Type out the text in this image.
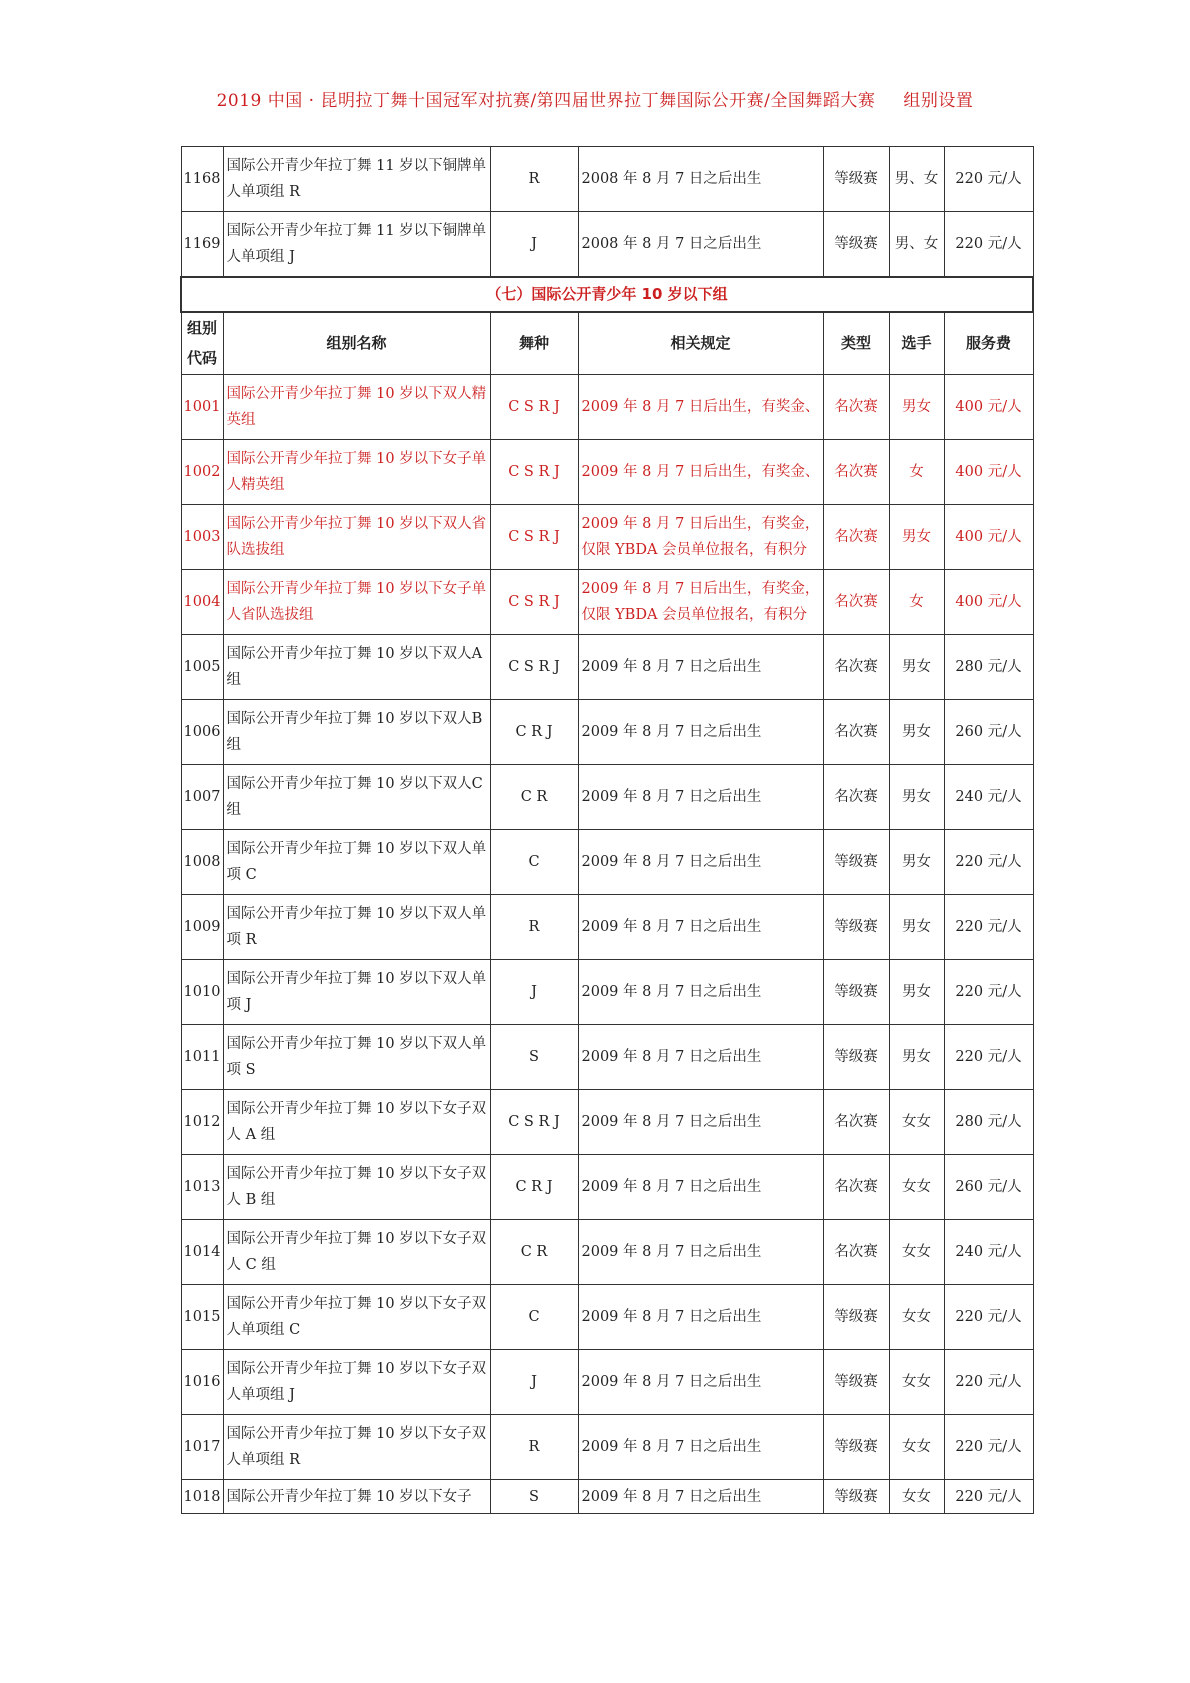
2019 中国 · 昆明拉丁舞十国冠军对抗赛/第四届世界拉丁舞国际公开赛/全国舞蹈大赛 组别设置
1168	国际公开青少年拉丁舞 11 岁以下铜牌单人单项组 R	R	2008 年 8 月 7 日之后出生	等级赛	男、女	220 元/人
1169	国际公开青少年拉丁舞 11 岁以下铜牌单人单项组 J	J	2008 年 8 月 7 日之后出生	等级赛	男、女	220 元/人
（七）国际公开青少年 10 岁以下组						
组别代码	组别名称	舞种	相关规定	类型	选手	服务费
1001	国际公开青少年拉丁舞 10 岁以下双人精英组	C S R J	2009 年 8 月 7 日后出生，有奖金、	名次赛	男女	400 元/人
1002	国际公开青少年拉丁舞 10 岁以下女子单人精英组	C S R J	2009 年 8 月 7 日后出生，有奖金、	名次赛	女	400 元/人
1003	国际公开青少年拉丁舞 10 岁以下双人省队选拔组	C S R J	2009 年 8 月 7 日后出生，有奖金，仅限 YBDA 会员单位报名，有积分	名次赛	男女	400 元/人
1004	国际公开青少年拉丁舞 10 岁以下女子单人省队选拔组	C S R J	2009 年 8 月 7 日后出生，有奖金，仅限 YBDA 会员单位报名，有积分	名次赛	女	400 元/人
1005	国际公开青少年拉丁舞 10 岁以下双人A 组	C S R J	2009 年 8 月 7 日之后出生	名次赛	男女	280 元/人
1006	国际公开青少年拉丁舞 10 岁以下双人B 组	C R J	2009 年 8 月 7 日之后出生	名次赛	男女	260 元/人
1007	国际公开青少年拉丁舞 10 岁以下双人C 组	C R	2009 年 8 月 7 日之后出生	名次赛	男女	240 元/人
1008	国际公开青少年拉丁舞 10 岁以下双人单项 C	C	2009 年 8 月 7 日之后出生	等级赛	男女	220 元/人
1009	国际公开青少年拉丁舞 10 岁以下双人单项 R	R	2009 年 8 月 7 日之后出生	等级赛	男女	220 元/人
1010	国际公开青少年拉丁舞 10 岁以下双人单项 J	J	2009 年 8 月 7 日之后出生	等级赛	男女	220 元/人
1011	国际公开青少年拉丁舞 10 岁以下双人单项 S	S	2009 年 8 月 7 日之后出生	等级赛	男女	220 元/人
1012	国际公开青少年拉丁舞 10 岁以下女子双人 A 组	C S R J	2009 年 8 月 7 日之后出生	名次赛	女女	280 元/人
1013	国际公开青少年拉丁舞 10 岁以下女子双人 B 组	C R J	2009 年 8 月 7 日之后出生	名次赛	女女	260 元/人
1014	国际公开青少年拉丁舞 10 岁以下女子双人 C 组	C R	2009 年 8 月 7 日之后出生	名次赛	女女	240 元/人
1015	国际公开青少年拉丁舞 10 岁以下女子双人单项组 C	C	2009 年 8 月 7 日之后出生	等级赛	女女	220 元/人
1016	国际公开青少年拉丁舞 10 岁以下女子双人单项组 J	J	2009 年 8 月 7 日之后出生	等级赛	女女	220 元/人
1017	国际公开青少年拉丁舞 10 岁以下女子双人单项组 R	R	2009 年 8 月 7 日之后出生	等级赛	女女	220 元/人
1018	国际公开青少年拉丁舞 10 岁以下女子	S	2009 年 8 月 7 日之后出生	等级赛	女女	220 元/人
